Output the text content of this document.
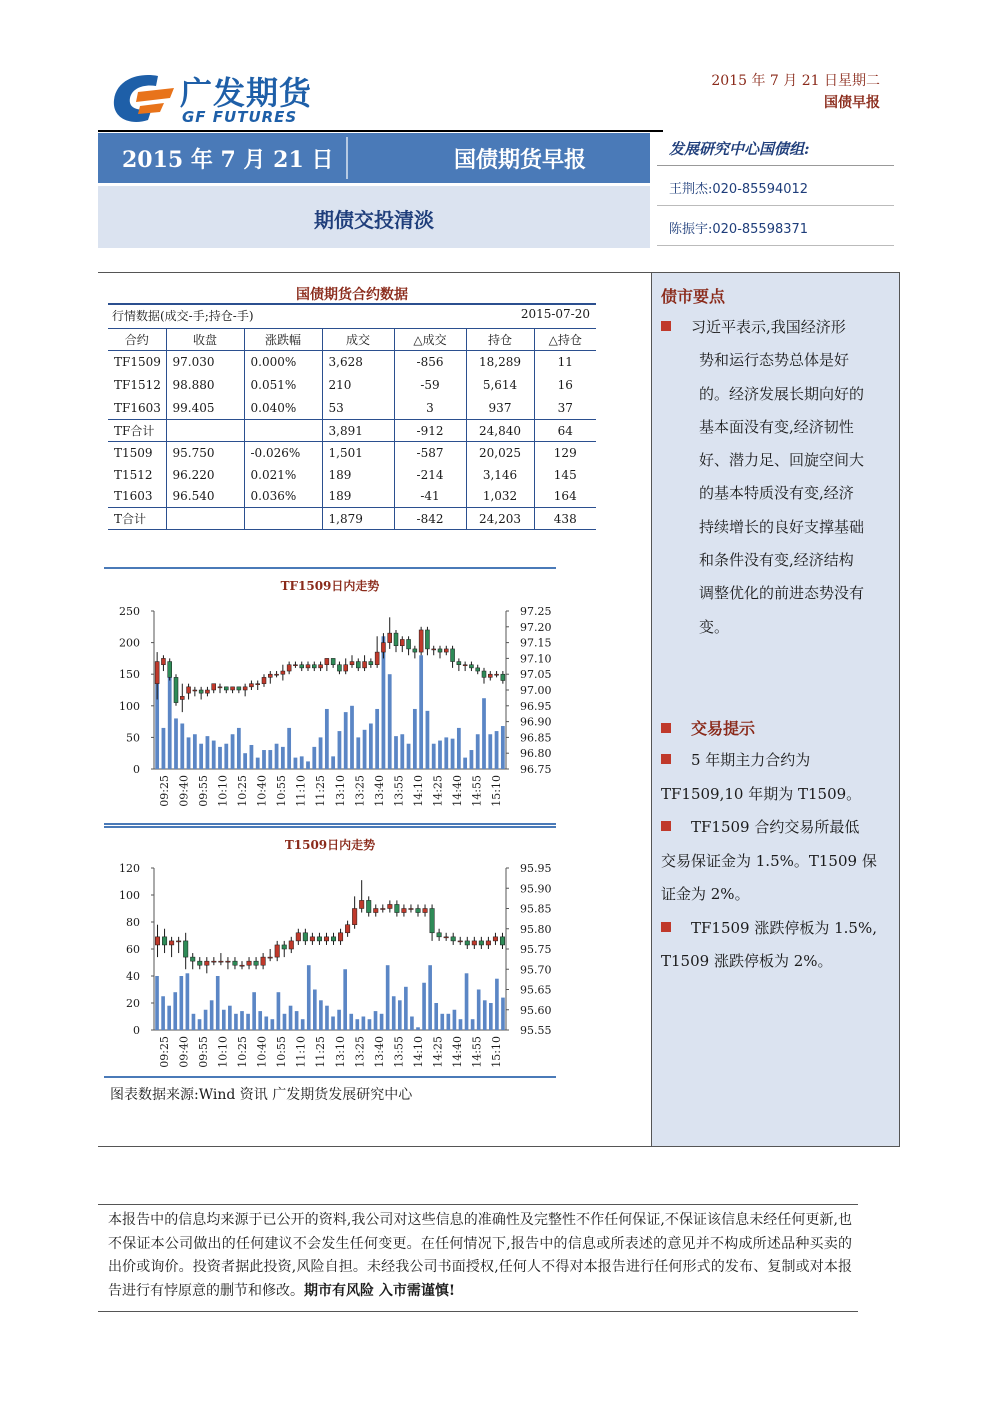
广发期货
GF FUTURES
2015 年 7 月 21 日星期二
国债早报
2015 年 7 月 21 日	国债期货早报
期债交投清淡
发展研究中心国债组:
王荆杰:020-85594012
陈振宇:020-85598371
国债期货合约数据
行情数据(成交-手;持仓-手)	2015-07-20
合约	收盘	涨跌幅	成交	△成交	持仓	△持仓
TF1509	97.030	0.000%	3,628	-856	18,289	11
TF1512	98.880	0.051%	210	-59	5,614	16
TF1603	99.405	0.040%	53	3	937	37
TF合计			3,891	-912	24,840	64
T1509	95.750	-0.026%	1,501	-587	20,025	129
T1512	96.220	0.021%	189	-214	3,146	145
T1603	96.540	0.036%	189	-41	1,032	164
T合计			1,879	-842	24,203	438
TF1509日内走势
0
50
100
150
200
250
96.75
96.80
96.85
96.90
96.95
97.00
97.05
97.10
97.15
97.20
97.25
09:25 09:40 09:55 10:10 10:25 10:40 10:55 11:10 11:25 13:10 13:25 13:40 13:55 14:10 14:25 14:40 14:55 15:10
T1509日内走势
0
20
40
60
80
100
120
95.55
95.60
95.65
95.70
95.75
95.80
95.85
95.90
95.95
09:25 09:40 09:55 10:10 10:25 10:40 10:55 11:10 11:25 13:10 13:25 13:40 13:55 14:10 14:25 14:40 14:55 15:10
图表数据来源:Wind 资讯 广发期货发展研究中心
债市要点
习近平表示,我国经济形
势和运行态势总体是好
的。经济发展长期向好的
基本面没有变,经济韧性
好、潜力足、回旋空间大
的基本特质没有变,经济
持续增长的良好支撑基础
和条件没有变,经济结构
调整优化的前进态势没有
变。
交易提示
5 年期主力合约为
TF1509,10 年期为 T1509。
TF1509 合约交易所最低
交易保证金为 1.5%。T1509 保
证金为 2%。
TF1509 涨跌停板为 1.5%,
T1509 涨跌停板为 2%。
本报告中的信息均来源于已公开的资料,我公司对这些信息的准确性及完整性不作任何保证,不保证该信息未经任何更新,也不保证本公司做出的任何建议不会发生任何变更。在任何情况下,报告中的信息或所表述的意见并不构成所述品种买卖的出价或询价。投资者据此投资,风险自担。未经我公司书面授权,任何人不得对本报告进行任何形式的发布、复制或对本报告进行有悖原意的删节和修改。期市有风险 入市需谨慎!
